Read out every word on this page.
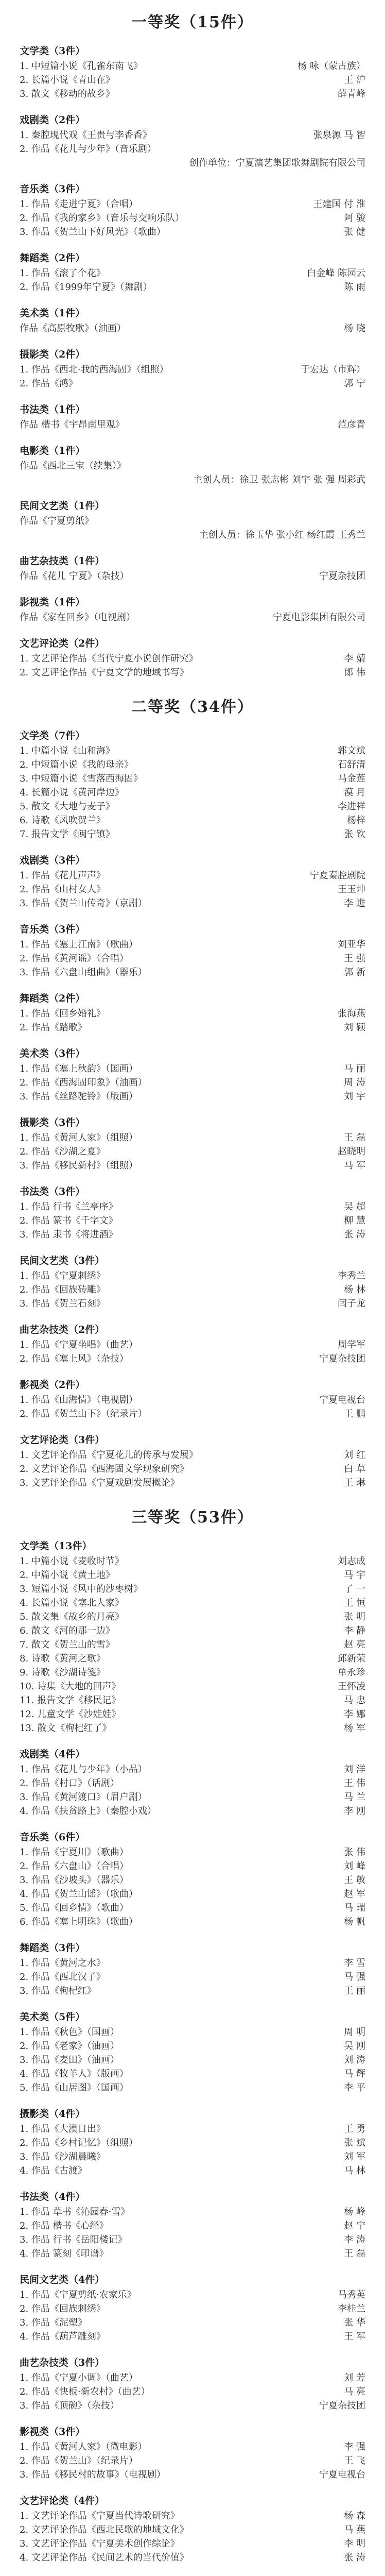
一等奖（15件）
文学类（3件）
1. 中短篇小说《孔雀东南飞》	杨 咏（蒙古族）
2. 长篇小说《青山在》	王 沪
3. 散文《移动的故乡》	薛青峰
戏剧类（2件）
1. 秦腔现代戏《王贵与李香香》	张泉源 马 智
2. 作品《花儿与少年》（音乐剧）
创作单位：宁夏演艺集团歌舞剧院有限公司
音乐类（3件）
1. 作品《走进宁夏》（合唱）	王建国 付 淮
2. 作品《我的家乡》（音乐与交响乐队）	阿 骏
3. 作品《贺兰山下好风光》（歌曲）	张 健
舞蹈类（2件）
1. 作品《滚了个花》	白金峰 陈园云
2. 作品《1999年宁夏》（舞剧）	陈 雨
美术类（1件）
作品《高原牧歌》（油画）	杨 晓
摄影类（2件）
1. 作品《西北·我的西海固》（组照）	于宏达（市辉）
2. 作品《鸿》	郭 宁
书法类（1件）
作品 楷书《宇昂南里观》	范彦青
电影类（1件）
作品《西北三宝（续集）》
主创人员：徐卫 张志彬 刘宇 张 强 周彩武
民间文艺类（1件）
作品《宁夏剪纸》
主创人员：徐玉华 张小红 杨红霞 王秀兰
曲艺杂技类（1件）
作品《花儿 宁夏》（杂技）	宁夏杂技团
影视类（1件）
作品《家在回乡》（电视剧）	宁夏电影集团有限公司
文艺评论类（2件）
1. 文艺评论作品《当代宁夏小说创作研究》	李 婧
2. 文艺评论作品《宁夏文学的地域书写》	郎 伟
二等奖（34件）
文学类（7件）
1. 中篇小说《山和海》	郭文斌
2. 中短篇小说《我的母亲》	石舒清
3. 中短篇小说《雪落西海固》	马金莲
4. 长篇小说《黄河岸边》	漠 月
5. 散文《大地与麦子》	李进祥
6. 诗歌《风吹贺兰》	杨梓
7. 报告文学《闽宁镇》	张 钦
戏剧类（3件）
1. 作品《花儿声声》	宁夏秦腔剧院
2. 作品《山村女人》	王玉坤
3. 作品《贺兰山传奇》（京剧）	李 进
音乐类（3件）
1. 作品《塞上江南》（歌曲）	刘亚华
2. 作品《黄河谣》（合唱）	王 强
3. 作品《六盘山组曲》（器乐）	郭 新
舞蹈类（2件）
1. 作品《回乡婚礼》	张海燕
2. 作品《踏歌》	刘 颖
美术类（3件）
1. 作品《塞上秋韵》（国画）	马 丽
2. 作品《西海固印象》（油画）	周 涛
3. 作品《丝路驼铃》（版画）	刘 宇
摄影类（3件）
1. 作品《黄河人家》（组照）	王 磊
2. 作品《沙湖之夏》	赵晓明
3. 作品《移民新村》（组照）	马 军
书法类（3件）
1. 作品 行书《兰亭序》	吴 超
2. 作品 篆书《千字文》	柳 慧
3. 作品 隶书《将进酒》	张 涛
民间文艺类（3件）
1. 作品《宁夏刺绣》	李秀兰
2. 作品《回族砖雕》	杨 林
3. 作品《贺兰石刻》	闫子龙
曲艺杂技类（2件）
1. 作品《宁夏坐唱》（曲艺）	周学军
2. 作品《塞上风》（杂技）	宁夏杂技团
影视类（2件）
1. 作品《山海情》（电视剧）	宁夏电视台
2. 作品《贺兰山下》（纪录片）	王 鹏
文艺评论类（3件）
1. 文艺评论作品《宁夏花儿的传承与发展》	刘 红
2. 文艺评论作品《西海固文学现象研究》	白 草
3. 文艺评论作品《宁夏戏剧发展概论》	王 琳
三等奖（53件）
文学类（13件）
1. 中篇小说《麦收时节》	刘志成
2. 中篇小说《黄土地》	马 宇
3. 短篇小说《风中的沙枣树》	了 一
4. 长篇小说《塞北人家》	王 恒
5. 散文集《故乡的月亮》	张 明
6. 散文《河的那一边》	李 静
7. 散文《贺兰山的雪》	赵 亮
8. 诗歌《黄河之歌》	邱新荣
9. 诗歌《沙湖诗笺》	单永珍
10. 诗集《大地的回声》	王怀凌
11. 报告文学《移民记》	马 忠
12. 儿童文学《沙娃娃》	李 娜
13. 散文《枸杞红了》	杨 军
戏剧类（4件）
1. 作品《花儿与少年》（小品）	刘 洋
2. 作品《村口》（话剧）	王 伟
3. 作品《黄河渡口》（眉户剧）	马 兰
4. 作品《扶贫路上》（秦腔小戏）	李 刚
音乐类（6件）
1. 作品《宁夏川》（歌曲）	张 伟
2. 作品《六盘山》（合唱）	刘 峰
3. 作品《沙坡头》（器乐）	王 敏
4. 作品《贺兰山谣》（歌曲）	赵 军
5. 作品《回乡情》（歌曲）	马 瑞
6. 作品《塞上明珠》（歌曲）	杨 帆
舞蹈类（3件）
1. 作品《黄河之水》	李 雪
2. 作品《西北汉子》	马 强
3. 作品《枸杞红》	王 丽
美术类（5件）
1. 作品《秋色》（国画）	周 明
2. 作品《老家》（油画）	吴 刚
3. 作品《麦田》（油画）	刘 涛
4. 作品《牧羊人》（版画）	马 辉
5. 作品《山居图》（国画）	李 平
摄影类（4件）
1. 作品《大漠日出》	王 勇
2. 作品《乡村记忆》（组照）	张 斌
3. 作品《沙湖晨曦》	刘 军
4. 作品《古渡》	马 林
书法类（4件）
1. 作品 草书《沁园春·雪》	杨 峰
2. 作品 楷书《心经》	赵 宁
3. 作品 行书《岳阳楼记》	李 涛
4. 作品 篆刻《印谱》	王 磊
民间文艺类（4件）
1. 作品《宁夏剪纸·农家乐》	马秀英
2. 作品《回族刺绣》	李桂兰
3. 作品《泥塑》	张 华
4. 作品《葫芦雕刻》	王 军
曲艺杂技类（3件）
1. 作品《宁夏小调》（曲艺）	刘 芳
2. 作品《快板·新农村》（曲艺）	马 亮
3. 作品《顶碗》（杂技）	宁夏杂技团
影视类（3件）
1. 作品《黄河人家》（微电影）	李 强
2. 作品《贺兰山》（纪录片）	王 飞
3. 作品《移民村的故事》（电视剧）	宁夏电视台
文艺评论类（4件）
1. 文艺评论作品《宁夏当代诗歌研究》	杨 森
2. 文艺评论作品《西北民歌的地域文化》	马 燕
3. 文艺评论作品《宁夏美术创作综论》	李 明
4. 文艺评论作品《民间艺术的当代价值》	张 涛
